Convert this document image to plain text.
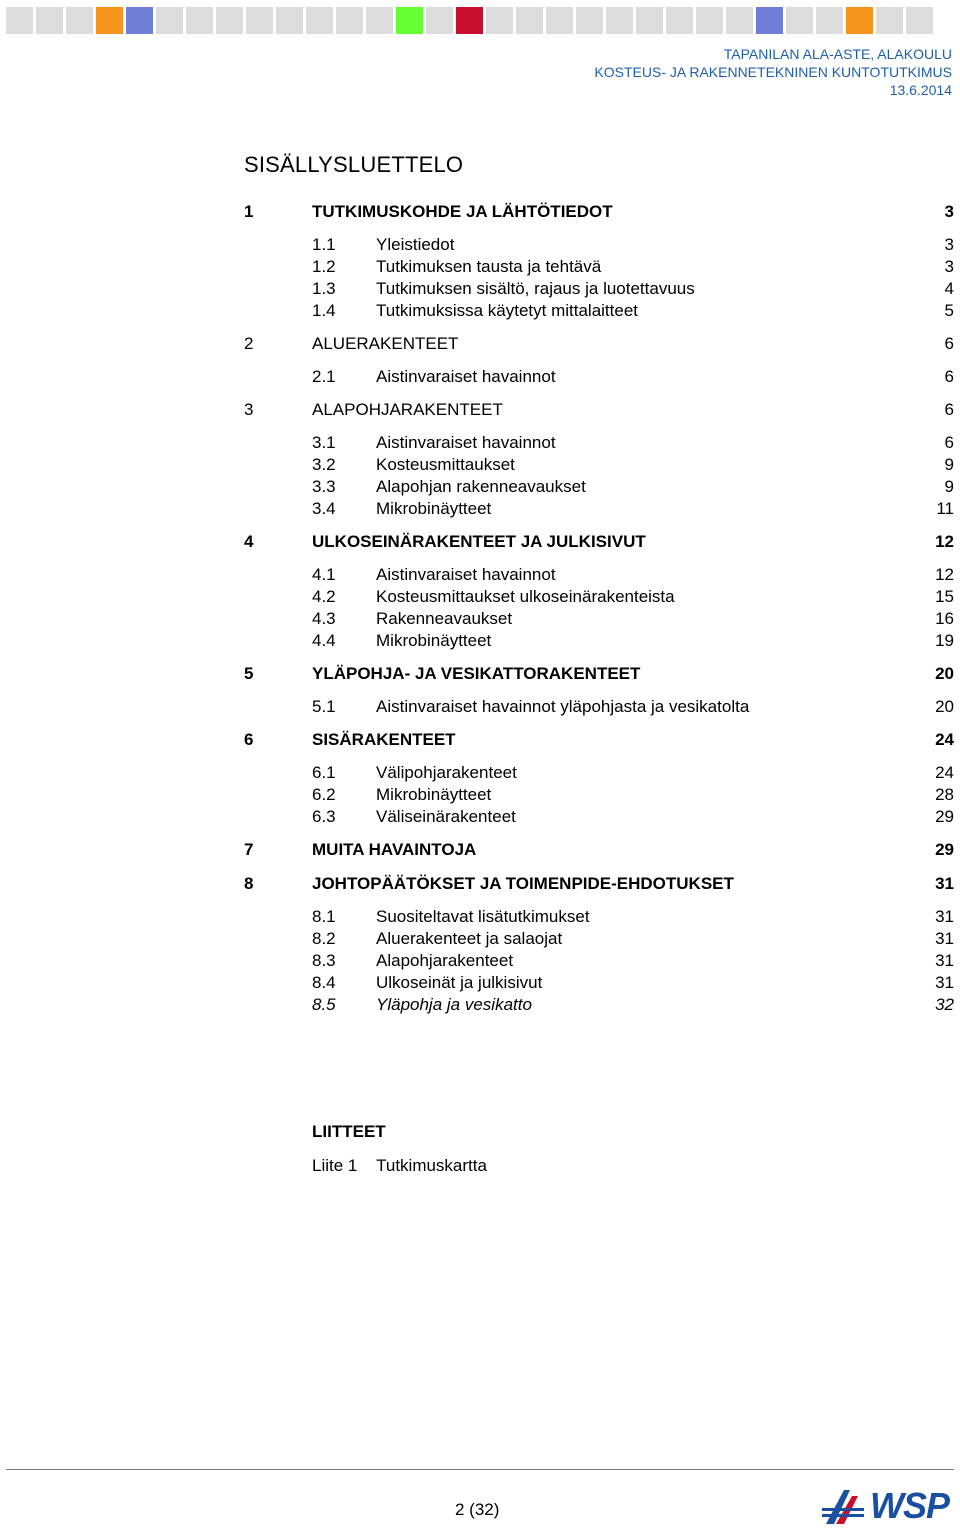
TAPANILAN ALA-ASTE, ALAKOULU
KOSTEUS- JA RAKENNETEKNINEN KUNTOTUTKIMUS
13.6.2014
SISÄLLYSLUETTELO
1	TUTKIMUSKOHDE JA LÄHTÖTIEDOT	3
1.1 Yleistiedot	3
1.2 Tutkimuksen tausta ja tehtävä	3
1.3 Tutkimuksen sisältö, rajaus ja luotettavuus	4
1.4 Tutkimuksissa käytetyt mittalaitteet	5
2	ALUERAKENTEET	6
2.1 Aistinvaraiset havainnot	6
3	ALAPOHJARAKENTEET	6
3.1 Aistinvaraiset havainnot	6
3.2 Kosteusmittaukset	9
3.3 Alapohjan rakenneavaukset	9
3.4 Mikrobinäytteet	11
4	ULKOSEINÄRAKENTEET JA JULKISIVUT	12
4.1 Aistinvaraiset havainnot	12
4.2 Kosteusmittaukset ulkoseinärakenteista	15
4.3 Rakenneavaukset	16
4.4 Mikrobinäytteet	19
5	YLÄPOHJA- JA VESIKATTORAKENTEET	20
5.1 Aistinvaraiset havainnot yläpohjasta ja vesikatolta	20
6	SISÄRAKENTEET	24
6.1 Välipohjarakenteet	24
6.2 Mikrobinäytteet	28
6.3 Väliseinärakenteet	29
7	MUITA HAVAINTOJA	29
8	JOHTOPÄÄTÖKSET JA TOIMENPIDE-EHDOTUKSET	31
8.1 Suositeltavat lisätutkimukset	31
8.2 Aluerakenteet ja salaojat	31
8.3 Alapohjarakenteet	31
8.4 Ulkoseinät ja julkisivut	31
8.5 Yläpohja ja vesikatto	32
LIITTEET
Liite 1 Tutkimuskartta
2 (32)	WSP
